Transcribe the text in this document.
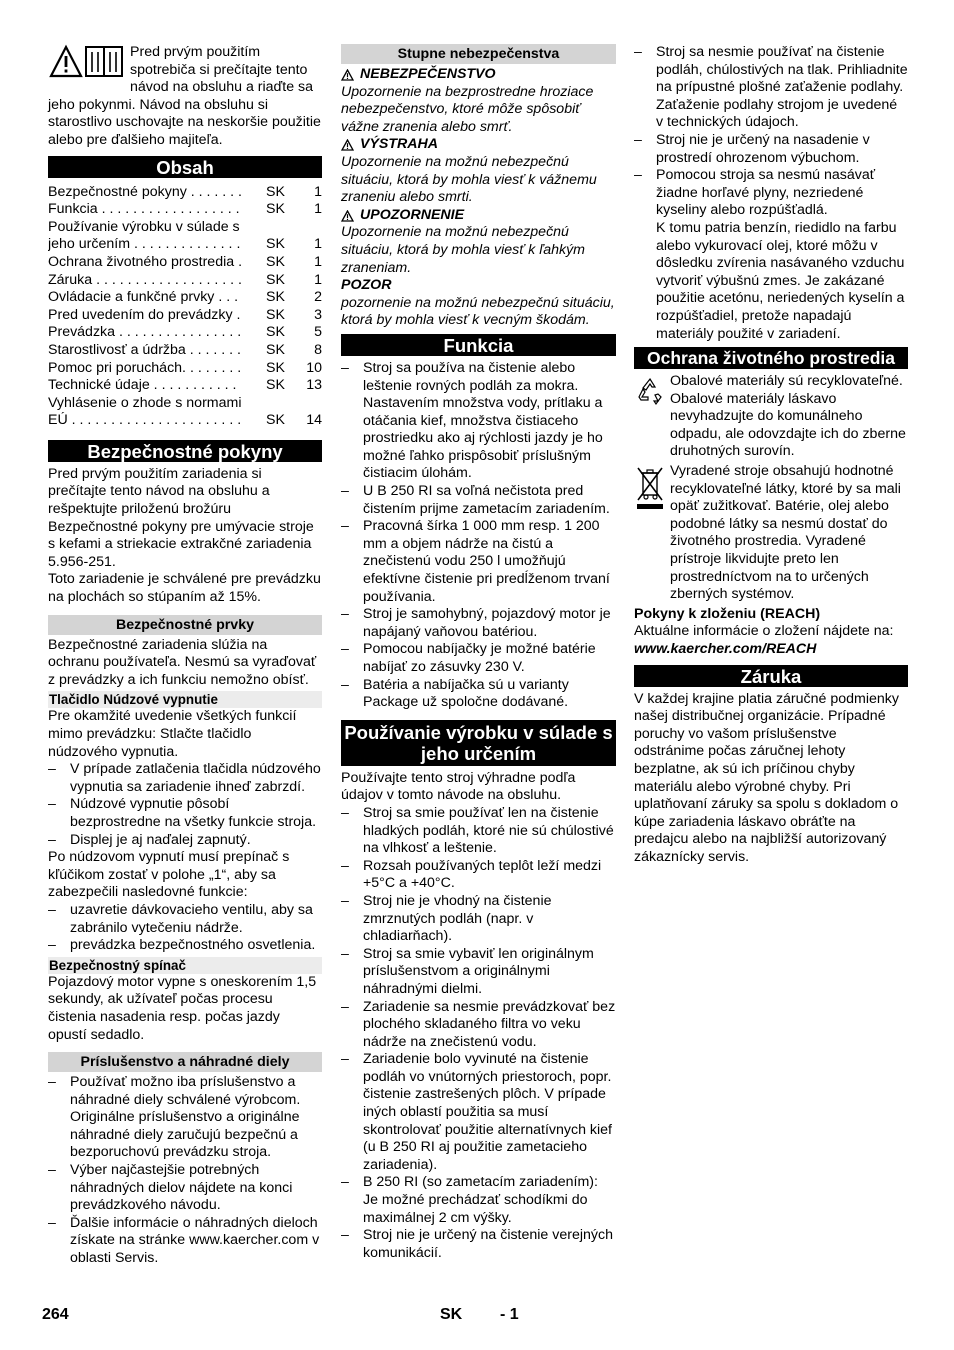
Pred prvým použitím spotrebiča si prečítajte tento návod na obsluhu a riaďte sa jeho pokynmi. Návod na obsluhu si starostlivo uschovajte na neskoršie použitie alebo pre ďalšieho majiteľa.

Obsah
Bezpečnostné pokyny . . . . . . .	SK	1
Funkcia . . . . . . . . . . . . . . . . . .	SK	1
Používanie výrobku v súlade s
jeho určením . . . . . . . . . . . . . .	SK	1
Ochrana životného prostredia .	SK	1
Záruka . . . . . . . . . . . . . . . . . . .	SK	1
Ovládacie a funkčné prvky . . .	SK	2
Pred uvedením do prevádzky .	SK	3
Prevádzka . . . . . . . . . . . . . . . .	SK	5
Starostlivosť a údržba . . . . . . .	SK	8
Pomoc pri poruchách. . . . . . . .	SK	10
Technické údaje . . . . . . . . . . .	SK	13
Vyhlásenie o zhode s normami
EÚ . . . . . . . . . . . . . . . . . . . . . .	SK	14
Bezpečnostné pokyny

Pred prvým použitím zariadenia si prečítajte tento návod na obsluhu a rešpektujte priloženú brožúru Bezpečnostné pokyny pre umývacie stroje s kefami a striekacie extrakčné zariadenia 5.956-251.

Toto zariadenie je schválené pre prevádzku na plochách so stúpaním až 15%.

Bezpečnostné prvky

Bezpečnostné zariadenia slúžia na ochranu používateľa. Nesmú sa vyraďovať z prevádzky a ich funkciu nemožno obísť.

Tlačidlo Núdzové vypnutie

Pre okamžité uvedenie všetkých funkcií mimo prevádzku: Stlačte tlačidlo núdzového vypnutia.

– V prípade zatlačenia tlačidla núdzového vypnutia sa zariadenie ihneď zabrzdí.
– Núdzové vypnutie pôsobí bezprostredne na všetky funkcie stroja.
– Displej je aj naďalej zapnutý.

Po núdzovom vypnutí musí prepínač s kľúčikom zostať v polohe „1“, aby sa zabezpečili nasledovné funkcie:

– uzavretie dávkovacieho ventilu, aby sa zabránilo vytečeniu nádrže.
– prevádzka bezpečnostného osvetlenia.
Bezpečnostný spínač

Pojazdový motor vypne s oneskorením 1,5 sekundy, ak užívateľ počas procesu čistenia nasadenia resp. počas jazdy opustí sedadlo.

Príslušenstvo a náhradné diely
– Používať možno iba príslušenstvo a náhradné diely schválené výrobcom. Originálne príslušenstvo a originálne náhradné diely zaručujú bezpečnú a bezporuchovú prevádzku stroja.
– Výber najčastejšie potrebných náhradných dielov nájdete na konci prevádzkového návodu.
– Ďalšie informácie o náhradných dieloch získate na stránke www.kaercher.com v oblasti Servis.
Stupne nebezpečenstva
NEBEZPEČENSTVO

Upozornenie na bezprostredne hroziace nebezpečenstvo, ktoré môže spôsobiť vážne zranenia alebo smrť.

VÝSTRAHA

Upozornenie na možnú nebezpečnú situáciu, ktorá by mohla viesť k vážnemu zraneniu alebo smrti.

UPOZORNENIE

Upozornenie na možnú nebezpečnú situáciu, ktorá by mohla viesť k ľahkým zraneniam.

POZOR

pozornenie na možnú nebezpečnú situáciu, ktorá by mohla viesť k vecným škodám.

Funkcia
– Stroj sa používa na čistenie alebo leštenie rovných podláh za mokra. Nastavením množstva vody, prítlaku a otáčania kief, množstva čistiaceho prostriedku ako aj rýchlosti jazdy je ho možné ľahko prispôsobiť príslušným čistiacim úlohám.
– U B 250 RI sa voľná nečistota pred čistením prijme zametacím zariadením.
– Pracovná šírka 1 000 mm resp. 1 200 mm a objem nádrže na čistú a znečistenú vodu 250 l umožňujú efektívne čistenie pri predĺženom trvaní používania.
– Stroj je samohybný, pojazdový motor je napájaný vaňovou batériou.
– Pomocou nabíjačky je možné batérie nabíjať zo zásuvky 230 V.
– Batéria a nabíjačka sú u varianty Package už spoločne dodávané.
Používanie výrobku v súlade s jeho určením

Používajte tento stroj výhradne podľa údajov v tomto návode na obsluhu.

– Stroj sa smie používať len na čistenie hladkých podláh, ktoré nie sú chúlostivé na vlhkosť a leštenie.
– Rozsah používaných teplôt leží medzi +5°C a +40°C.
– Stroj nie je vhodný na čistenie zmrznutých podláh (napr. v chladiarňach).
– Stroj sa smie vybaviť len originálnym príslušenstvom a originálnymi náhradnými dielmi.
– Zariadenie sa nesmie prevádzkovať bez plochého skladaného filtra vo veku nádrže na znečistenú vodu.
– Zariadenie bolo vyvinuté na čistenie podláh vo vnútorných priestoroch, popr. čistenie zastrešených plôch. V prípade iných oblastí použitia sa musí skontrolovať použitie alternatívnych kief (u B 250 RI aj použitie zametacieho zariadenia).
– B 250 RI (so zametacím zariadením): Je možné prechádzať schodíkmi do maximálnej 2 cm výšky.
– Stroj nie je určený na čistenie verejných komunikácií.
– Stroj sa nesmie používať na čistenie podláh, chúlostivých na tlak. Prihliadnite na prípustné plošné zaťaženie podlahy. Zaťaženie podlahy strojom je uvedené v technických údajoch.
– Stroj nie je určený na nasadenie v prostredí ohrozenom výbuchom.
– Pomocou stroja sa nesmú nasávať žiadne horľavé plyny, nezriedené kyseliny alebo rozpúšťadlá.

K tomu patria benzín, riedidlo na farbu alebo vykurovací olej, ktoré môžu v dôsledku zvírenia nasávaného vzduchu vytvoriť výbušnú zmes. Je zakázané použitie acetónu, neriedených kyselín a rozpúšťadiel, pretože napadajú materiály použité v zariadení.

Ochrana životného prostredia

Obalové materiály sú recyklovateľné. Obalové materiály láskavo nevyhadzujte do komunálneho odpadu, ale odovzdajte ich do zberne druhotných surovín.

Vyradené stroje obsahujú hodnotné recyklovateľné látky, ktoré by sa mali opäť zužitkovať. Batérie, olej alebo podobné látky sa nesmú dostať do životného prostredia. Vyradené prístroje likvidujte preto len prostredníctvom na to určených zberných systémov.

Pokyny k zloženiu (REACH)

Aktuálne informácie o zložení nájdete na:

www.kaercher.com/REACH

Záruka

V každej krajine platia záručné podmienky našej distribučnej organizácie. Prípadné poruchy vo vašom príslušenstve odstránime počas záručnej lehoty bezplatne, ak sú ich príčinou chyby materiálu alebo výrobné chyby. Pri uplatňovaní záruky sa spolu s dokladom o kúpe zariadenia láskavo obráťte na predajcu alebo na najbližší autorizovaný zákaznícky servis.

264	SK - 1
